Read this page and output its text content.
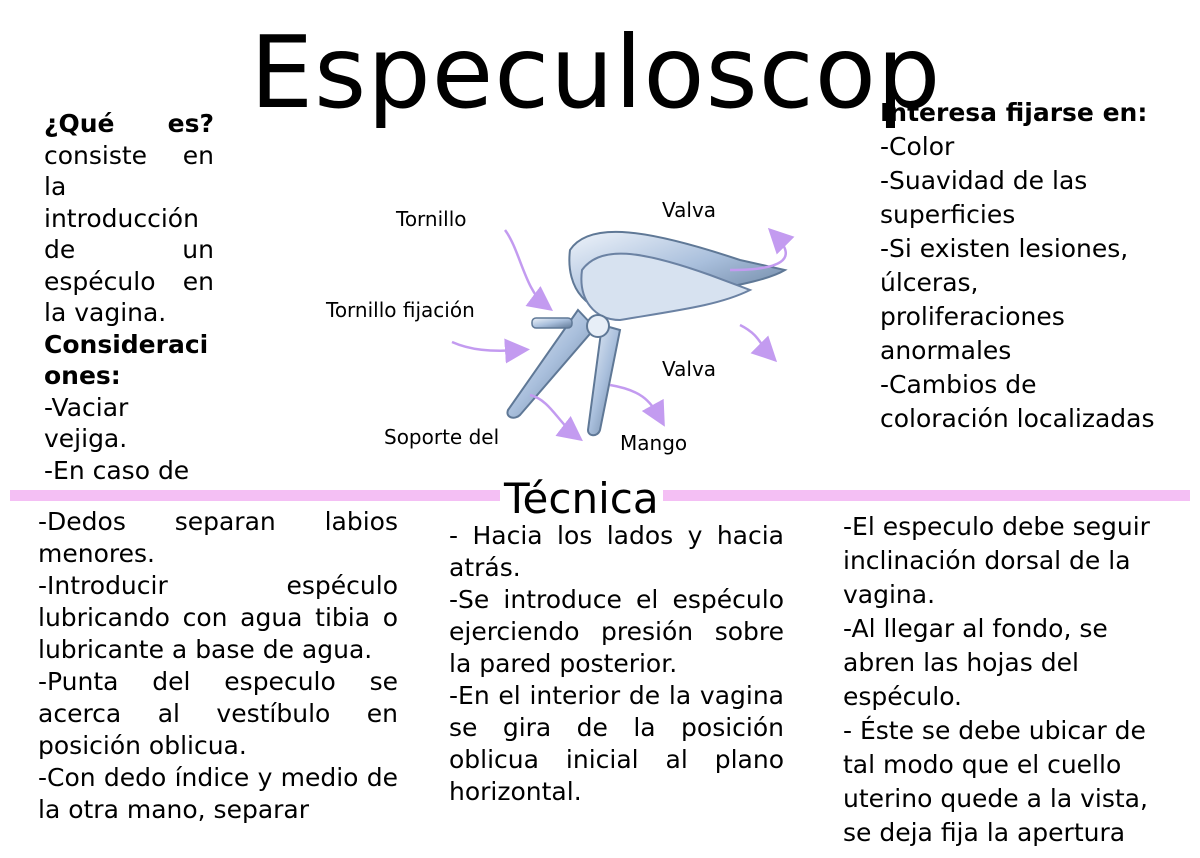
Especuloscop

¿Qué es? consiste en la introducción de un espéculo en la vagina.

Consideraciones:

-Vaciar vejiga.

-En caso de

Interesa fijarse en:

-Color

-Suavidad de las superficies

-Si existen lesiones, úlceras, proliferaciones anormales

-Cambios de coloración localizadas

Tornillo	Valva
Tornillo fijación
Valva
Soporte del	Mango
Técnica

-Dedos separan labios menores.

-Introducir espéculo lubricando con agua tibia o lubricante a base de agua.

-Punta del especulo se acerca al vestíbulo en posición oblicua.

-Con dedo índice y medio de la otra mano, separar

- Hacia los lados y hacia atrás.

-Se introduce el espéculo ejerciendo presión sobre la pared posterior.

-En el interior de la vagina se gira de la posición oblicua inicial al plano horizontal.

-El especulo debe seguir inclinación dorsal de la vagina.

-Al llegar al fondo, se abren las hojas del espéculo.

- Éste se debe ubicar de tal modo que el cuello uterino quede a la vista, se deja fija la apertura
